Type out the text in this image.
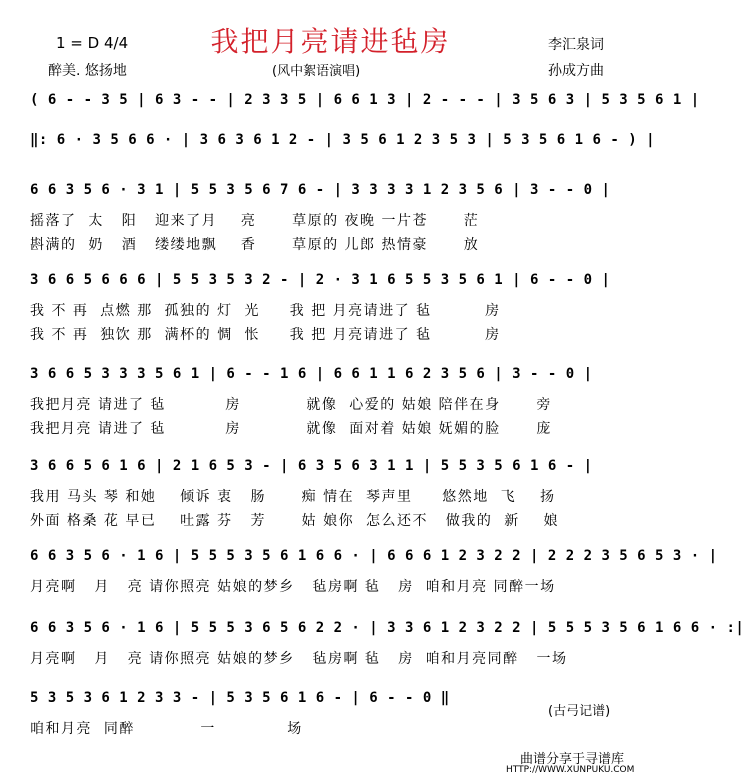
我把月亮请进毡房
1 = D 4/4	李汇泉词
醉美. 悠扬地	(风中絮语演唱)	孙成方曲
( 6 - - 3 5 | 6 3 - - | 2 3 3 5 | 6 6 1 3 | 2 - - - | 3 5 6 3 | 5 3 5 6 1 |
‖: 6 · 3 5 6 6 · | 3 6 3 6 1 2 - | 3 5 6 1 2 3 5 3 | 5 3 5 6 1 6 - ) |
6 6 3 5 6 · 3 1 | 5 5 3 5 6 7 6 - | 3 3 3 3 1 2 3 5 6 | 3 - - 0 |
摇落了  太   阳   迎来了月    亮      草原的 夜晚 一片苍      茫
斟满的  奶   酒   缕缕地飘    香      草原的 儿郎 热情豪      放
3 6 6 5 6 6 6 | 5 5 3 5 3 2 - | 2 · 3 1 6 5 5 3 5 6 1 | 6 - - 0 |
我 不 再  点燃 那  孤独的 灯  光     我 把 月亮请进了 毡         房
我 不 再  独饮 那  满杯的 惆  怅     我 把 月亮请进了 毡         房
3 6 6 5 3 3 3 5 6 1 | 6 - - 1 6 | 6 6 1 1 6 2 3 5 6 | 3 - - 0 |
我把月亮 请进了 毡          房           就像  心爱的 姑娘 陪伴在身      旁
我把月亮 请进了 毡          房           就像  面对着 姑娘 妩媚的脸      庞
3 6 6 5 6 1 6 | 2 1 6 5 3 - | 6 3 5 6 3 1 1 | 5 5 3 5 6 1 6 - |
我用 马头 琴 和她    倾诉 衷   肠      痴 情在  琴声里     悠然地  飞    扬
外面 格桑 花 早已    吐露 芬   芳      姑 娘你  怎么还不   做我的  新    娘
6 6 3 5 6 · 1 6 | 5 5 5 3 5 6 1 6 6 · | 6 6 6 1 2 3 2 2 | 2 2 2 3 5 6 5 3 · |
月亮啊   月   亮 请你照亮 姑娘的梦乡   毡房啊 毡   房  咱和月亮 同醉一场
6 6 3 5 6 · 1 6 | 5 5 5 3 6 5 6 2 2 · | 3 3 6 1 2 3 2 2 | 5 5 5 3 5 6 1 6 6 · :|
月亮啊   月   亮 请你照亮 姑娘的梦乡   毡房啊 毡   房  咱和月亮同醉   一场
5 3 5 3 6 1 2 3 3 - | 5 3 5 6 1 6 - | 6 - - 0 ‖
咱和月亮  同醉           一            场
(古弓记谱)
曲谱分享于寻谱库
HTTP://WWW.XUNPUKU.COM
